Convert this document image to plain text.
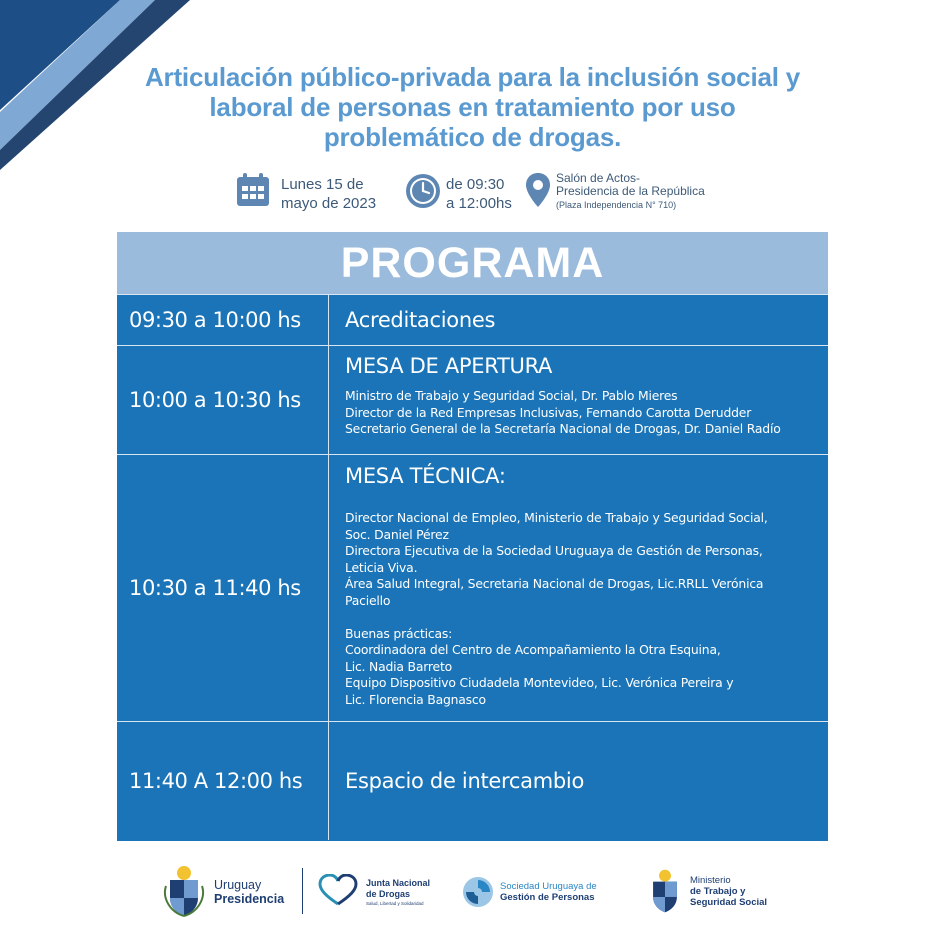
Articulación público-privada para la inclusión social y
laboral de personas en tratamiento por uso
problemático de drogas.
Lunes 15 de
mayo de 2023
de 09:30
a 12:00hs
Salón de Actos-
Presidencia de la República
(Plaza Independencia N° 710)
PROGRAMA
09:30 a 10:00 hs	Acreditaciones
10:00 a 10:30 hs
MESA DE APERTURA
Ministro de Trabajo y Seguridad Social, Dr. Pablo Mieres
Director de la Red Empresas Inclusivas, Fernando Carotta Derudder
Secretario General de la Secretaría Nacional de Drogas, Dr. Daniel Radío
10:30 a 11:40 hs
MESA TÉCNICA:
Director Nacional de Empleo, Ministerio de Trabajo y Seguridad Social,
Soc. Daniel Pérez
Directora Ejecutiva de la Sociedad Uruguaya de Gestión de Personas,
Leticia Viva.
Área Salud Integral, Secretaria Nacional de Drogas, Lic.RRLL Verónica
Paciello
Buenas prácticas:
Coordinadora del Centro de Acompañamiento la Otra Esquina,
Lic. Nadia Barreto
Equipo Dispositivo Ciudadela Montevideo, Lic. Verónica Pereira y
Lic. Florencia Bagnasco
11:40 A 12:00 hs	Espacio de intercambio
Uruguay
Presidencia
Junta Nacional
de Drogas
Salud, Libertad y Solidaridad
Sociedad Uruguaya de
Gestión de Personas
Ministerio
de Trabajo y
Seguridad Social
